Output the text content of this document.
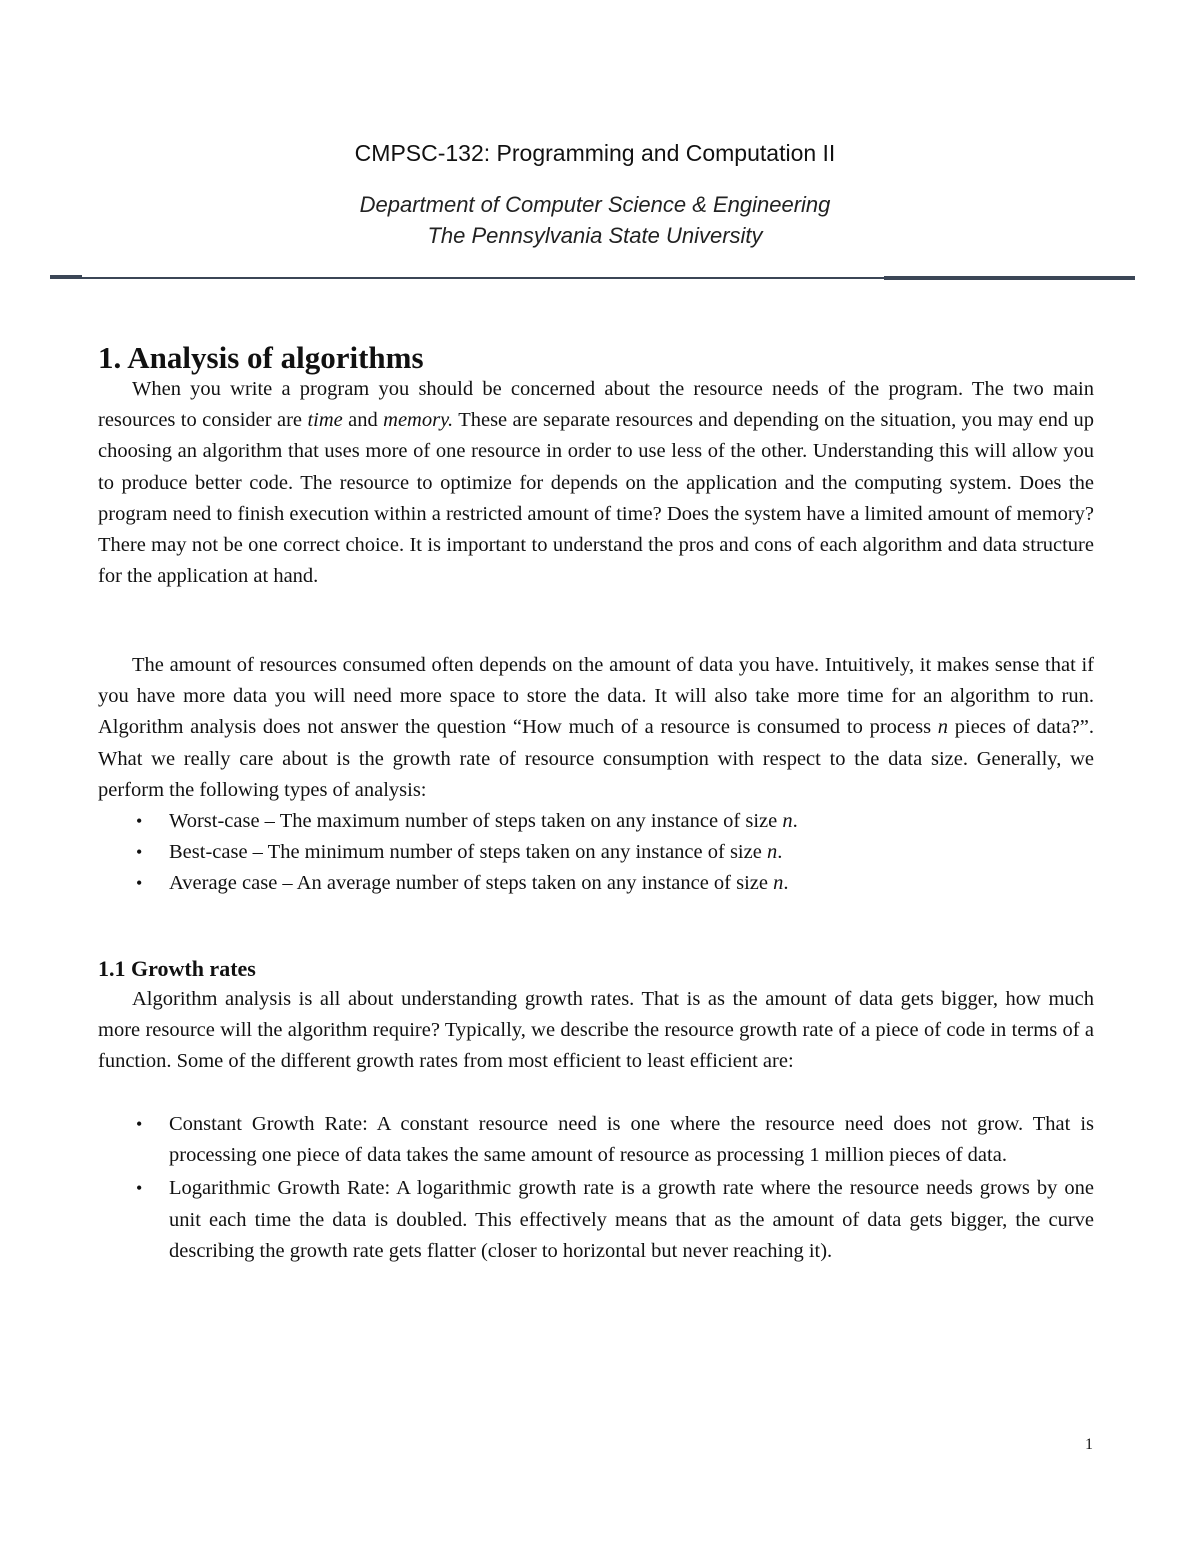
CMPSC-132: Programming and Computation II
Department of Computer Science & Engineering
The Pennsylvania State University
1. Analysis of algorithms

When you write a program you should be concerned about the resource needs of the program. The two main resources to consider are time and memory. These are separate resources and depending on the situation, you may end up choosing an algorithm that uses more of one resource in order to use less of the other. Understanding this will allow you to produce better code. The resource to optimize for depends on the application and the computing system. Does the program need to finish execution within a restricted amount of time? Does the system have a limited amount of memory? There may not be one correct choice. It is important to understand the pros and cons of each algorithm and data structure for the application at hand.

The amount of resources consumed often depends on the amount of data you have. Intuitively, it makes sense that if you have more data you will need more space to store the data. It will also take more time for an algorithm to run. Algorithm analysis does not answer the question “How much of a resource is consumed to process n pieces of data?”. What we really care about is the growth rate of resource consumption with respect to the data size. Generally, we perform the following types of analysis:

• Worst-case – The maximum number of steps taken on any instance of size n.
• Best-case – The minimum number of steps taken on any instance of size n.
• Average case – An average number of steps taken on any instance of size n.
1.1 Growth rates

Algorithm analysis is all about understanding growth rates. That is as the amount of data gets bigger, how much more resource will the algorithm require? Typically, we describe the resource growth rate of a piece of code in terms of a function. Some of the different growth rates from most efficient to least efficient are:

• Constant Growth Rate: A constant resource need is one where the resource need does not grow. That is processing one piece of data takes the same amount of resource as processing 1 million pieces of data.
• Logarithmic Growth Rate: A logarithmic growth rate is a growth rate where the resource needs grows by one unit each time the data is doubled. This effectively means that as the amount of data gets bigger, the curve describing the growth rate gets flatter (closer to horizontal but never reaching it).
1
